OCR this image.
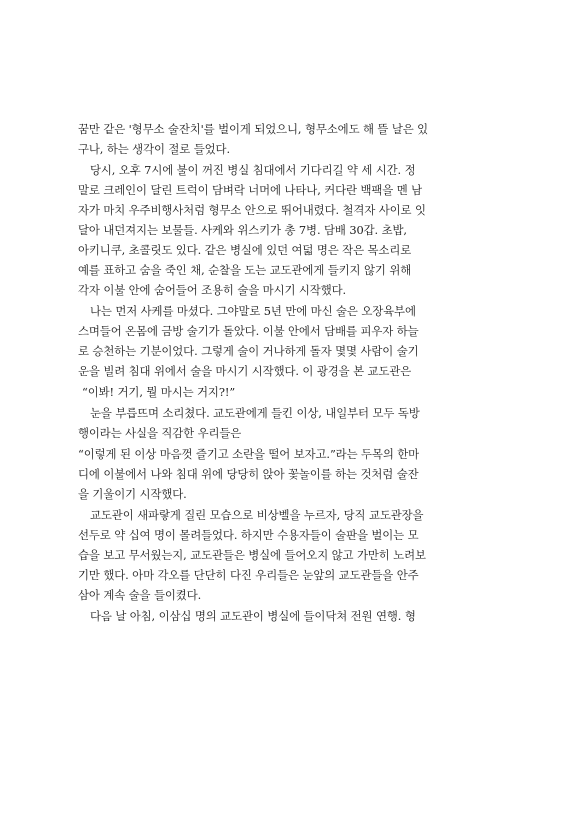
꿈만 같은 '형무소 술잔치'를 벌이게 되었으니, 형무소에도 해 뜰 날은 있
구나, 하는 생각이 절로 들었다.
당시, 오후 7시에 불이 꺼진 병실 침대에서 기다리길 약 세 시간. 정
말로 크레인이 달린 트럭이 담벼락 너머에 나타나, 커다란 백팩을 멘 남
자가 마치 우주비행사처럼 형무소 안으로 뛰어내렸다. 철격자 사이로 잇
달아 내던져지는 보물들. 사케와 위스키가 총 7병. 담배 30갑. 초밥,
아키니쿠, 초콜릿도 있다. 같은 병실에 있던 여덟 명은 작은 목소리로
예를 표하고 숨을 죽인 채, 순찰을 도는 교도관에게 들키지 않기 위해
각자 이불 안에 숨어들어 조용히 술을 마시기 시작했다.
나는 먼저 사케를 마셨다. 그야말로 5년 만에 마신 술은 오장육부에
스며들어 온몸에 금방 술기가 돌았다. 이불 안에서 담배를 피우자 하늘
로 승천하는 기분이었다. 그렇게 술이 거나하게 돌자 몇몇 사람이 술기
운을 빌려 침대 위에서 술을 마시기 시작했다. 이 광경을 본 교도관은
“이봐! 거기, 뭘 마시는 거지?!”
눈을 부릅뜨며 소리쳤다. 교도관에게 들킨 이상, 내일부터 모두 독방
행이라는 사실을 직감한 우리들은
“이렇게 된 이상 마음껏 즐기고 소란을 떨어 보자고.”라는 두목의 한마
디에 이불에서 나와 침대 위에 당당히 앉아 꽃놀이를 하는 것처럼 술잔
을 기울이기 시작했다.
교도관이 새파랗게 질린 모습으로 비상벨을 누르자, 당직 교도관장을
선두로 약 십여 명이 몰려들었다. 하지만 수용자들이 술판을 벌이는 모
습을 보고 무서웠는지, 교도관들은 병실에 들어오지 않고 가만히 노려보
기만 했다. 아마 각오를 단단히 다진 우리들은 눈앞의 교도관들을 안주
삼아 계속 술을 들이켰다.
다음 날 아침, 이삼십 명의 교도관이 병실에 들이닥쳐 전원 연행. 형
